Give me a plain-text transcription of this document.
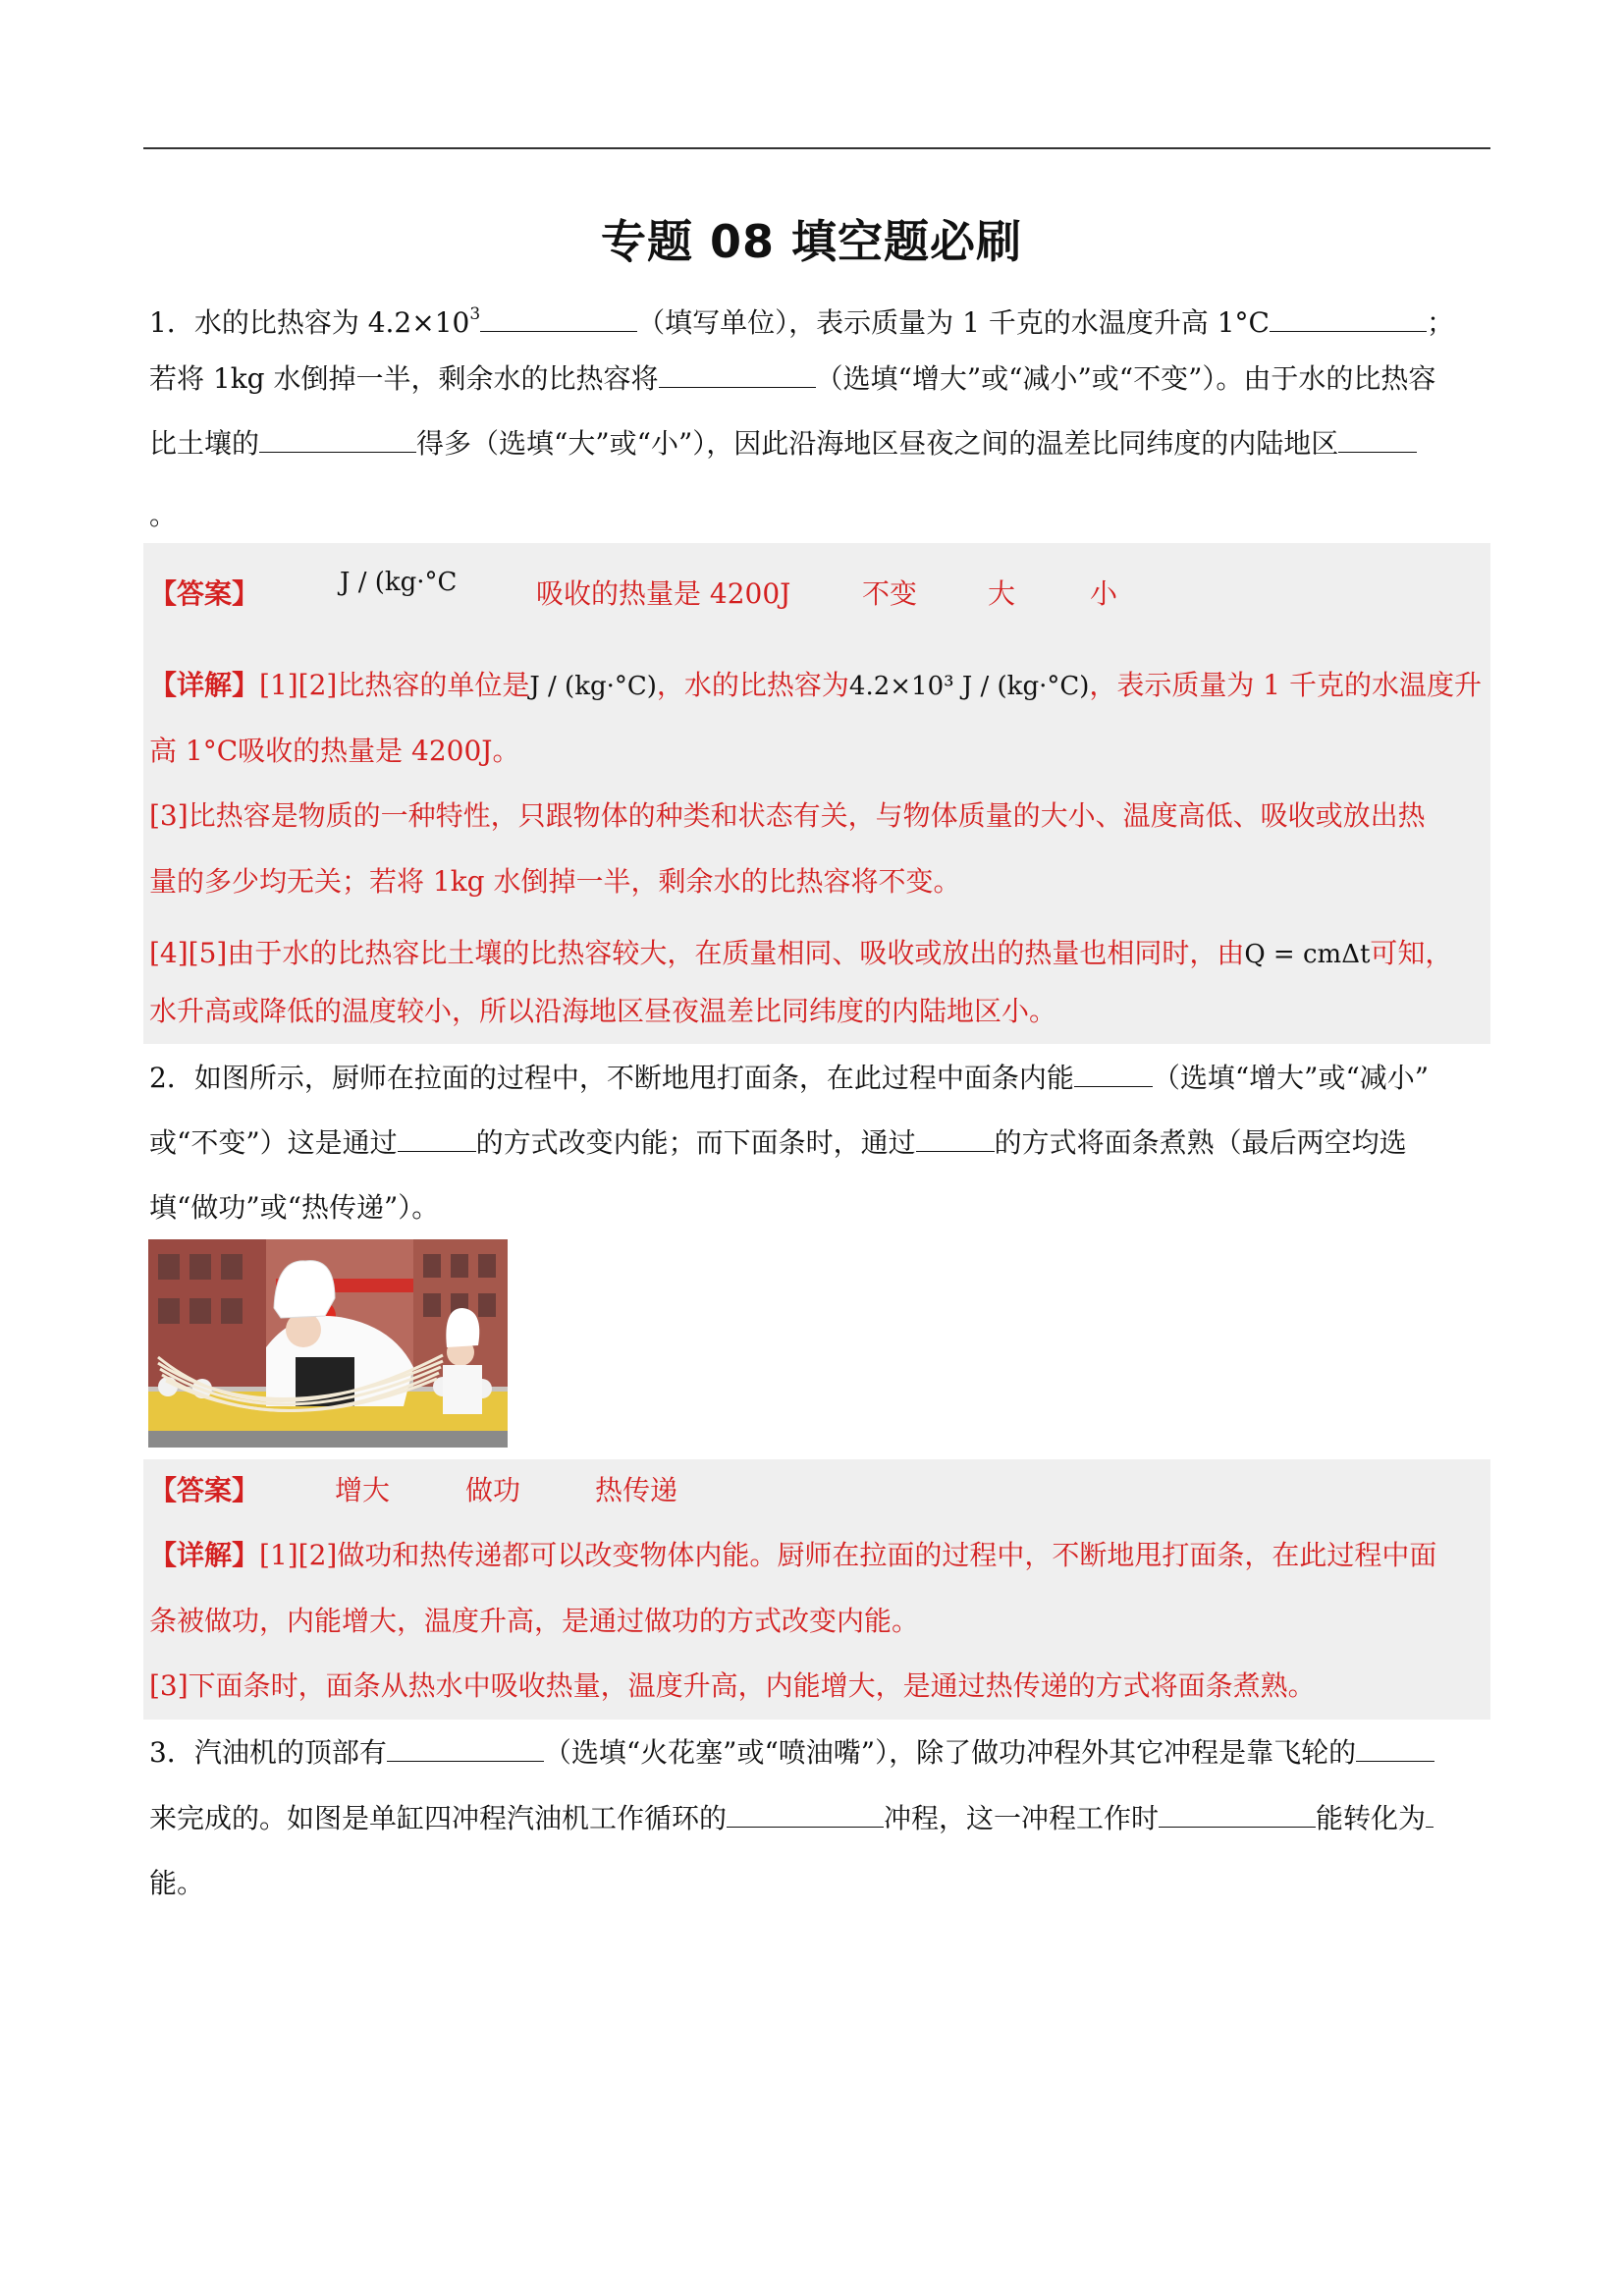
专题 08 填空题必刷
1．水的比热容为 $4.2\times 10^3$	（填写单位），表示质量为 1 千克的水温度升高 1°C	；
若将 1kg 水倒掉一半，剩余水的比热容将	（选填“增大”或“减小”或“不变”）。由于水的比热容
比土壤的	得多（选填“大”或“小”），因此沿海地区昼夜之间的温差比同纬度的内陆地区
。
【答案】	J / (kg·°C	吸收的热量是 4200J	不变	大	小
【详解】[1][2]比热容的单位是J / (kg·°C)，水的比热容为4.2×10³ J / (kg·°C)，表示质量为 1 千克的水温度升
高 1°C吸收的热量是 4200J。
[3]比热容是物质的一种特性，只跟物体的种类和状态有关，与物体质量的大小、温度高低、吸收或放出热
量的多少均无关；若将 1kg 水倒掉一半，剩余水的比热容将不变。
[4][5]由于水的比热容比土壤的比热容较大，在质量相同、吸收或放出的热量也相同时，由Q = cmΔt可知，
水升高或降低的温度较小，所以沿海地区昼夜温差比同纬度的内陆地区小。
2．如图所示，厨师在拉面的过程中，不断地甩打面条，在此过程中面条内能	（选填“增大”或“减小”
或“不变”）这是通过	的方式改变内能；而下面条时，通过	的方式将面条煮熟（最后两空均选
填“做功”或“热传递”）。
【答案】	增大	做功	热传递
【详解】[1][2]做功和热传递都可以改变物体内能。厨师在拉面的过程中，不断地甩打面条，在此过程中面
条被做功，内能增大，温度升高，是通过做功的方式改变内能。
[3]下面条时，面条从热水中吸收热量，温度升高，内能增大，是通过热传递的方式将面条煮熟。
3．汽油机的顶部有	（选填“火花塞”或“喷油嘴”），除了做功冲程外其它冲程是靠飞轮的
来完成的。如图是单缸四冲程汽油机工作循环的	冲程，这一冲程工作时	能转化为
能。
